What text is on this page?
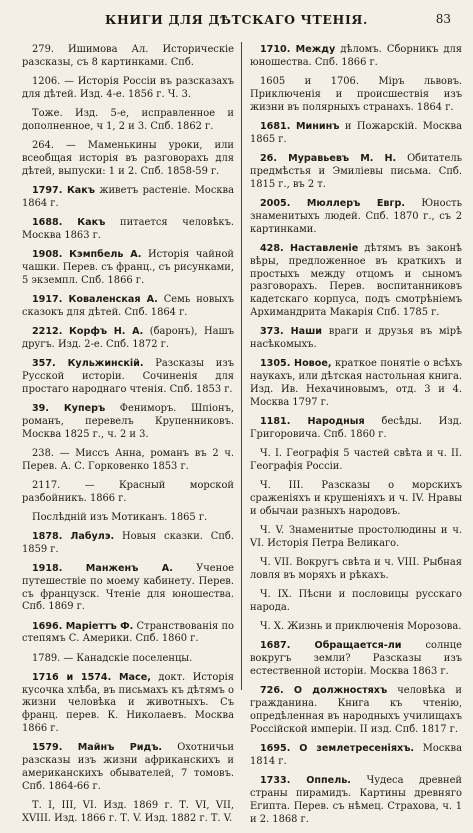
КНИГИ ДЛЯ ДѢТСКАГО ЧТЕНІЯ.	83

279. Ишимова Ал. Историческіе разсказы, съ 8 картинками. Спб.

1206. — Исторія Россіи въ разсказахъ для дѣтей. Изд. 4-е. 1856 г. Ч. 3.

Тоже. Изд. 5-е, исправленное и дополненное, ч 1, 2 и 3. Спб. 1862 г.

264. — Маменькины уроки, или всеобщая исторія въ разговорахъ для дѣтей, выпуски: 1 и 2. Спб. 1858-59 г.

1797. Какъ живетъ растеніе. Москва 1864 г.

1688. Какъ питается человѣкъ. Москва 1863 г.

1908. Кэмпбель А. Исторія чайной чашки. Перев. съ франц., съ рисунками, 5 экземпл. Спб. 1866 г.

1917. Коваленская А. Семь новыхъ сказокъ для дѣтей. Спб. 1864 г.

2212. Корфъ Н. А. (баронъ), Нашъ другъ. Изд. 2-е. Спб. 1872 г.

357. Кульжинскій. Разсказы изъ Русской исторіи. Сочиненія для простаго народнаго чтенія. Спб. 1853 г.

39. Куперъ Фениморъ. Шпіонъ, романъ, перевелъ Крупенниковъ. Москва 1825 г., ч. 2 и 3.

238. — Миссъ Анна, романъ въ 2 ч. Перев. А. С. Горковенко 1853 г.

2117. — Красный морской разбойникъ. 1866 г.

Послѣдній изъ Мотиканъ. 1865 г.

1878. Лабулэ. Новыя сказки. Спб. 1859 г.

1918. Манженъ А. Ученое путешествіе по моему кабинету. Перев. съ французск. Чтеніе для юношества. Спб. 1869 г.

1696. Маріеттъ Ф. Странствованія по степямъ С. Америки. Спб. 1860 г.

1789. — Канадскіе поселенцы.

1716 и 1574. Масе, докт. Исторія кусочка хлѣба, въ письмахъ къ дѣтямъ о жизни человѣка и животныхъ. Съ франц. перев. К. Николаевъ. Москва 1866 г.

1579. Майнъ Ридъ. Охотничьи разсказы изъ жизни африканскихъ и американскихъ обывателей, 7 томовъ. Спб. 1864-66 г.

Т. I, III, VI. Изд. 1869 г. Т. VI, VII, XVIII. Изд. 1866 г. Т. V. Изд. 1882 г. Т. V.

1710. Между дѣломъ. Сборникъ для юношества. Спб. 1866 г.

1605 и 1706. Міръ львовъ. Приключенія и происшествія изъ жизни въ полярныхъ странахъ. 1864 г.

1681. Мининъ и Пожарскій. Москва 1865 г.

26. Муравьевъ М. Н. Обитатель предмѣстья и Эмиліевы письма. Спб. 1815 г., въ 2 т.

2005. Мюллеръ Евгр. Юность знаменитыхъ людей. Спб. 1870 г., съ 2 картинками.

428. Наставленіе дѣтямъ въ законѣ вѣры, предложенное въ краткихъ и простыхъ между отцомъ и сыномъ разговорахъ. Перев. воспитанниковъ кадетскаго корпуса, подъ смотрѣніемъ Архимандрита Макарія Спб. 1785 г.

373. Наши враги и друзья въ мірѣ насѣкомыхъ.

1305. Новое, краткое понятіе о всѣхъ наукахъ, или дѣтская настольная книга. Изд. Ив. Нехачиновымъ, отд. 3 и 4. Москва 1797 г.

1181. Народныя бесѣды. Изд. Григоровича. Спб. 1860 г.

Ч. I. Географія 5 частей свѣта и ч. II. Географія Россіи.

Ч. III. Разсказы о морскихъ сраженіяхъ и крушеніяхъ и ч. IV. Нравы и обычаи разныхъ народовъ.

Ч. V. Знаменитые простолюдины и ч. VI. Исторія Петра Великаго.

Ч. VII. Вокругъ свѣта и ч. VIII. Рыбная ловля въ моряхъ и рѣкахъ.

Ч. IX. Пѣсни и пословицы русскаго народа.

Ч. X. Жизнь и приключенія Морозова.

1687. Обращается-ли солнце вокругъ земли? Разсказы изъ естественной исторіи. Москва 1863 г.

726. О должностяхъ человѣка и гражданина. Книга къ чтенію, опредѣленная въ народныхъ училищахъ Россійской имперіи. II изд. Спб. 1817 г.

1695. О землетресеніяхъ. Москва 1814 г.

1733. Оппель. Чудеса древней страны пирамидъ. Картины древняго Египта. Перев. съ нѣмец. Страхова, ч. 1 и 2. 1868 г.
